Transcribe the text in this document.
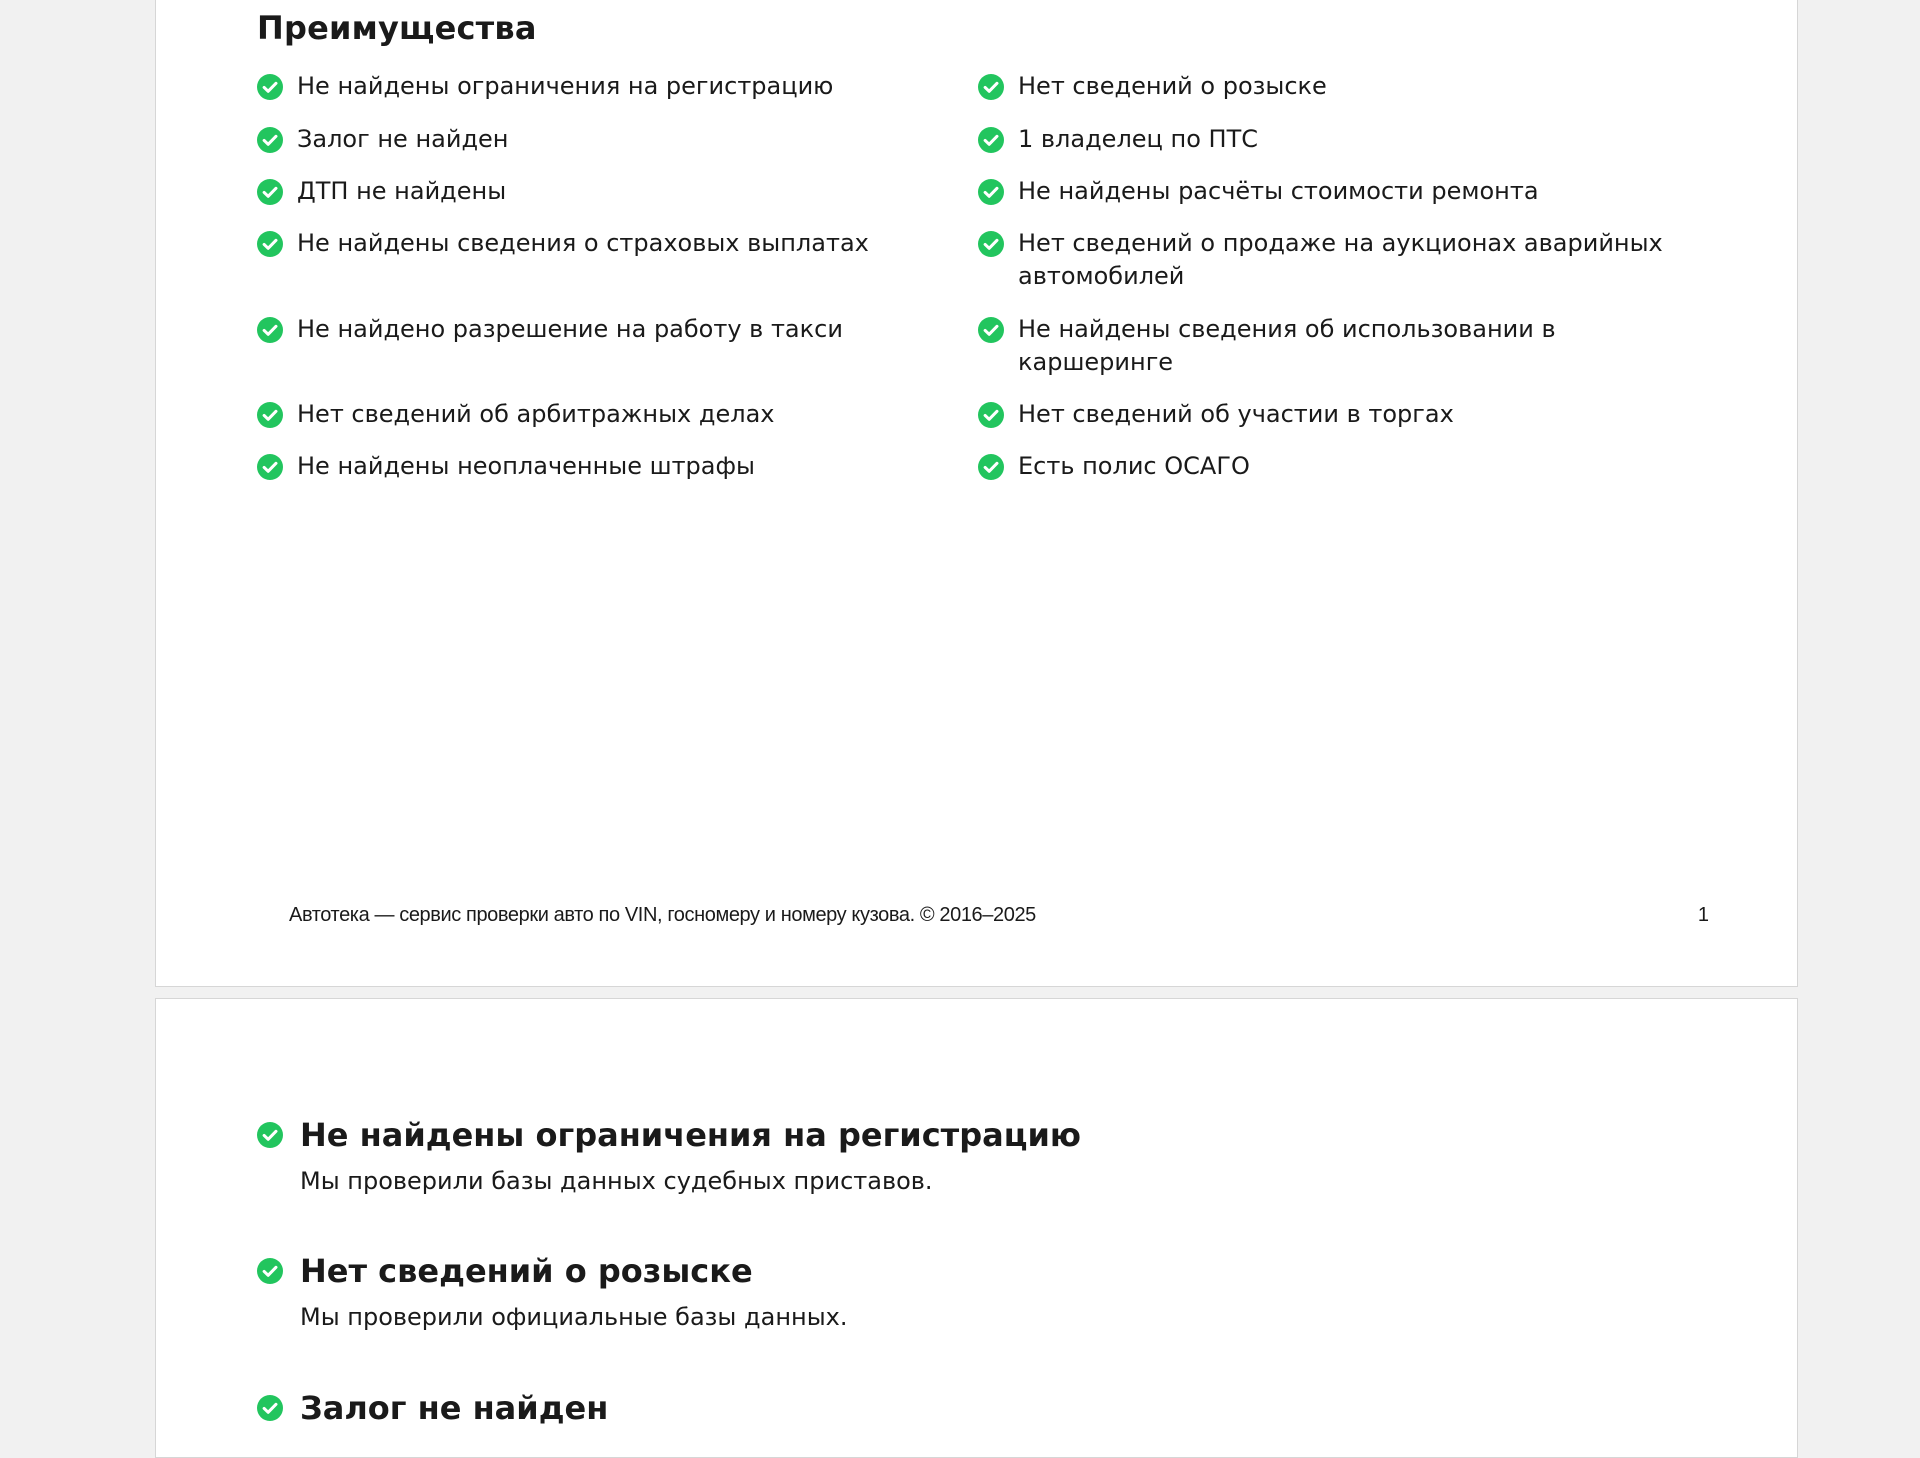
Преимущества
Не найдены ограничения на регистрацию
Залог не найден
ДТП не найдены
Не найдены сведения о страховых выплатах
Не найдено разрешение на работу в такси
Нет сведений об арбитражных делах
Не найдены неоплаченные штрафы
Нет сведений о розыске
1 владелец по ПТС
Не найдены расчёты стоимости ремонта
Нет сведений о продаже на аукционах аварийных автомобилей
Не найдены сведения об использовании в каршеринге
Нет сведений об участии в торгах
Есть полис ОСАГО
Автотека — сервис проверки авто по VIN, госномеру и номеру кузова. © 2016–2025	1
Не найдены ограничения на регистрацию
Мы проверили базы данных судебных приставов.
Нет сведений о розыске
Мы проверили официальные базы данных.
Залог не найден
